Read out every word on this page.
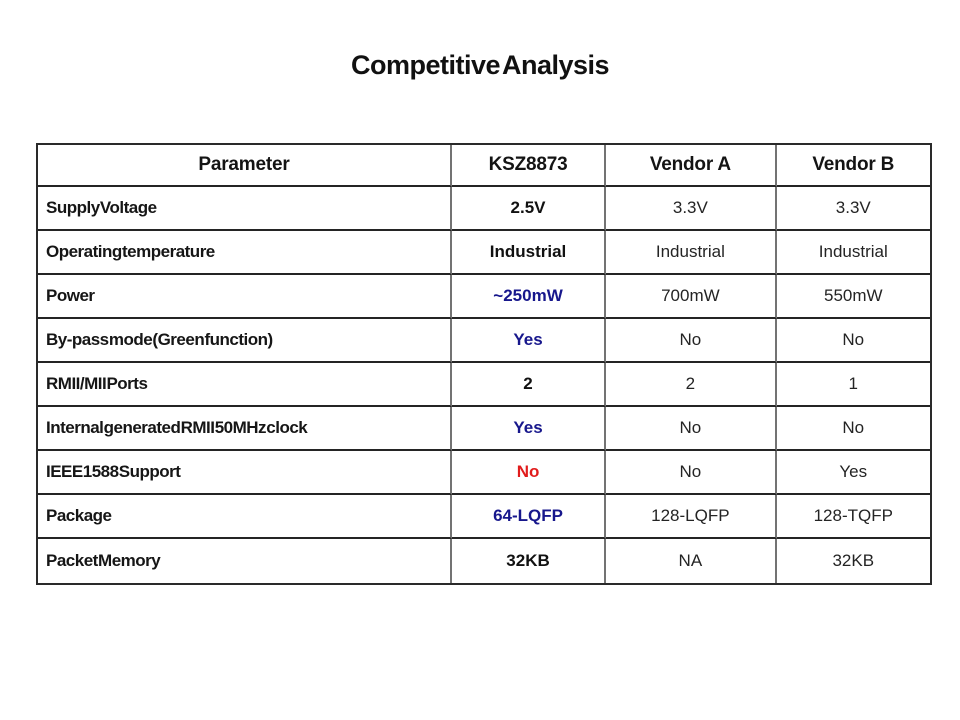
Competitive Analysis
Parameter	KSZ8873	Vendor A	Vendor B
Supply Voltage	2.5V	3.3V	3.3V
Operating temperature	Industrial	Industrial	Industrial
Power	~250mW	700mW	550mW
By-pass mode (Green function)	Yes	No	No
RMII/MII Ports	2	2	1
Internal generated RMII 50MHz clock	Yes	No	No
IEEE1588 Support	No	No	Yes
Package	64-LQFP	128-LQFP	128-TQFP
Packet Memory	32KB	NA	32KB
